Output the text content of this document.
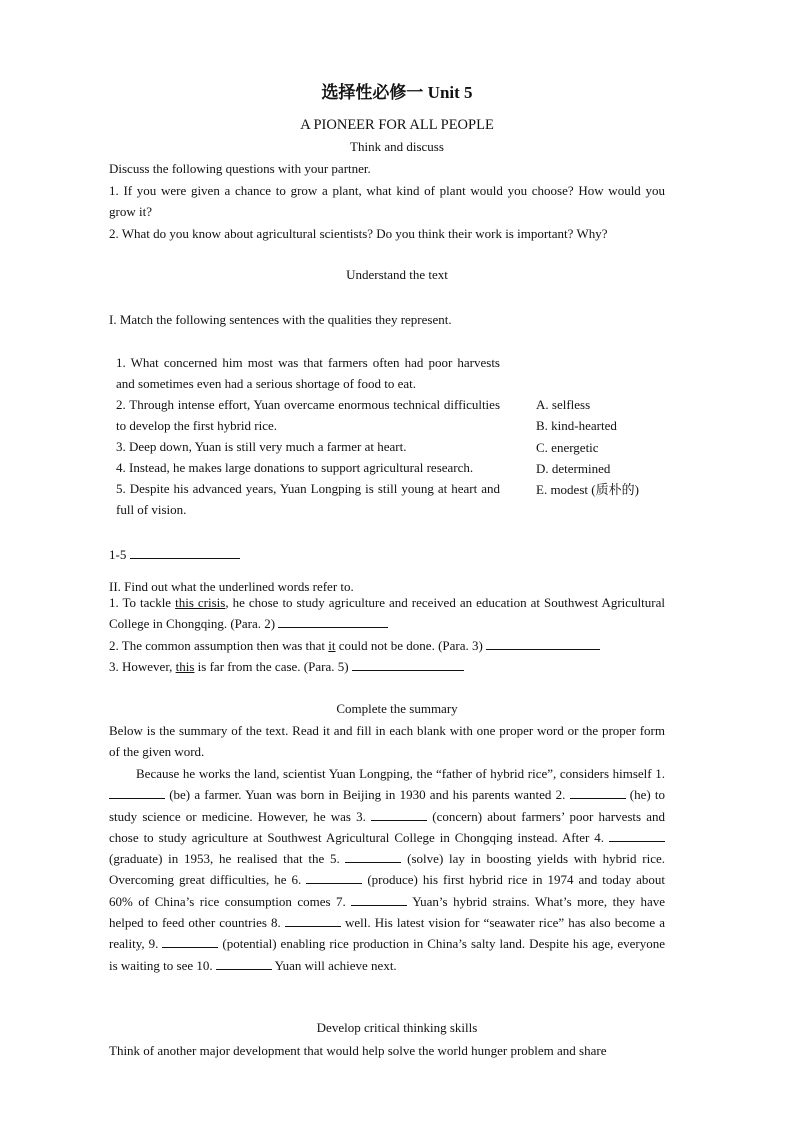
选择性必修一 Unit 5
A PIONEER FOR ALL PEOPLE
Think and discuss
Discuss the following questions with your partner.
1. If you were given a chance to grow a plant, what kind of plant would you choose? How would you grow it?
2. What do you know about agricultural scientists? Do you think their work is important? Why?
Understand the text
I. Match the following sentences with the qualities they represent.

1. What concerned him most was that farmers often had poor harvests and sometimes even had a serious shortage of food to eat.

2. Through intense effort, Yuan overcame enormous technical difficulties to develop the first hybrid rice.

3. Deep down, Yuan is still very much a farmer at heart.

4. Instead, he makes large donations to support agricultural research.

5. Despite his advanced years, Yuan Longping is still young at heart and full of vision.

A. selfless
B. kind-hearted
C. energetic
D. determined
E. modest (质朴的)
1-5
II. Find out what the underlined words refer to.
1. To tackle this crisis, he chose to study agriculture and received an education at Southwest Agricultural College in Chongqing. (Para. 2)
2. The common assumption then was that it could not be done. (Para. 3)
3. However, this is far from the case. (Para. 5)
Complete the summary
Below is the summary of the text. Read it and fill in each blank with one proper word or the proper form of the given word.
Because he works the land, scientist Yuan Longping, the “father of hybrid rice”, considers himself 1.  (be) a farmer. Yuan was born in Beijing in 1930 and his parents wanted 2.	(he) to study science or medicine. However, he was 3.	(concern) about farmers’ poor harvests and chose to study agriculture at Southwest Agricultural College in Chongqing instead. After 4.  (graduate) in 1953, he realised that the 5.	(solve) lay in boosting yields with hybrid rice. Overcoming great difficulties, he 6.	(produce) his first hybrid rice in 1974 and today about 60% of China’s rice consumption comes 7.	Yuan’s hybrid strains. What’s more, they have helped to feed other countries 8.	well. His latest vision for “seawater rice” has also become a reality, 9.	(potential) enabling rice production in China’s salty land. Despite his age, everyone is waiting to see 10.	Yuan will achieve next.
Develop critical thinking skills
Think of another major development that would help solve the world hunger problem and share
